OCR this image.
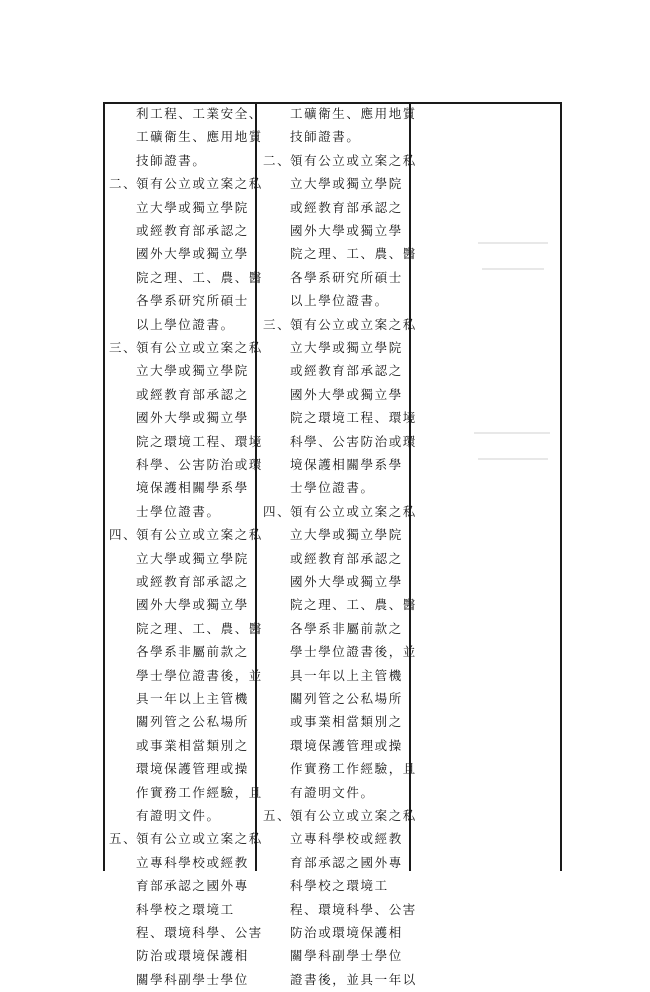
利工程、工業安全、
工礦衛生、應用地質
技師證書。
二、
領有公立或立案之私
立大學或獨立學院
或經教育部承認之
國外大學或獨立學
院之理、工、農、醫
各學系研究所碩士
以上學位證書。
三、
領有公立或立案之私
立大學或獨立學院
或經教育部承認之
國外大學或獨立學
院之環境工程、環境
科學、公害防治或環
境保護相關學系學
士學位證書。
四、
領有公立或立案之私
立大學或獨立學院
或經教育部承認之
國外大學或獨立學
院之理、工、農、醫
各學系非屬前款之
學士學位證書後，並
具一年以上主管機
關列管之公私場所
或事業相當類別之
環境保護管理或操
作實務工作經驗，且
有證明文件。
五、
領有公立或立案之私
立專科學校或經教
育部承認之國外專
科學校之環境工
程、環境科學、公害
防治或環境保護相
關學科副學士學位
工礦衛生、應用地質
技師證書。
二、
領有公立或立案之私
立大學或獨立學院
或經教育部承認之
國外大學或獨立學
院之理、工、農、醫
各學系研究所碩士
以上學位證書。
三、
領有公立或立案之私
立大學或獨立學院
或經教育部承認之
國外大學或獨立學
院之環境工程、環境
科學、公害防治或環
境保護相關學系學
士學位證書。
四、
領有公立或立案之私
立大學或獨立學院
或經教育部承認之
國外大學或獨立學
院之理、工、農、醫
各學系非屬前款之
學士學位證書後，並
具一年以上主管機
關列管之公私場所
或事業相當類別之
環境保護管理或操
作實務工作經驗，且
有證明文件。
五、
領有公立或立案之私
立專科學校或經教
育部承認之國外專
科學校之環境工
程、環境科學、公害
防治或環境保護相
關學科副學士學位
證書後，並具一年以
